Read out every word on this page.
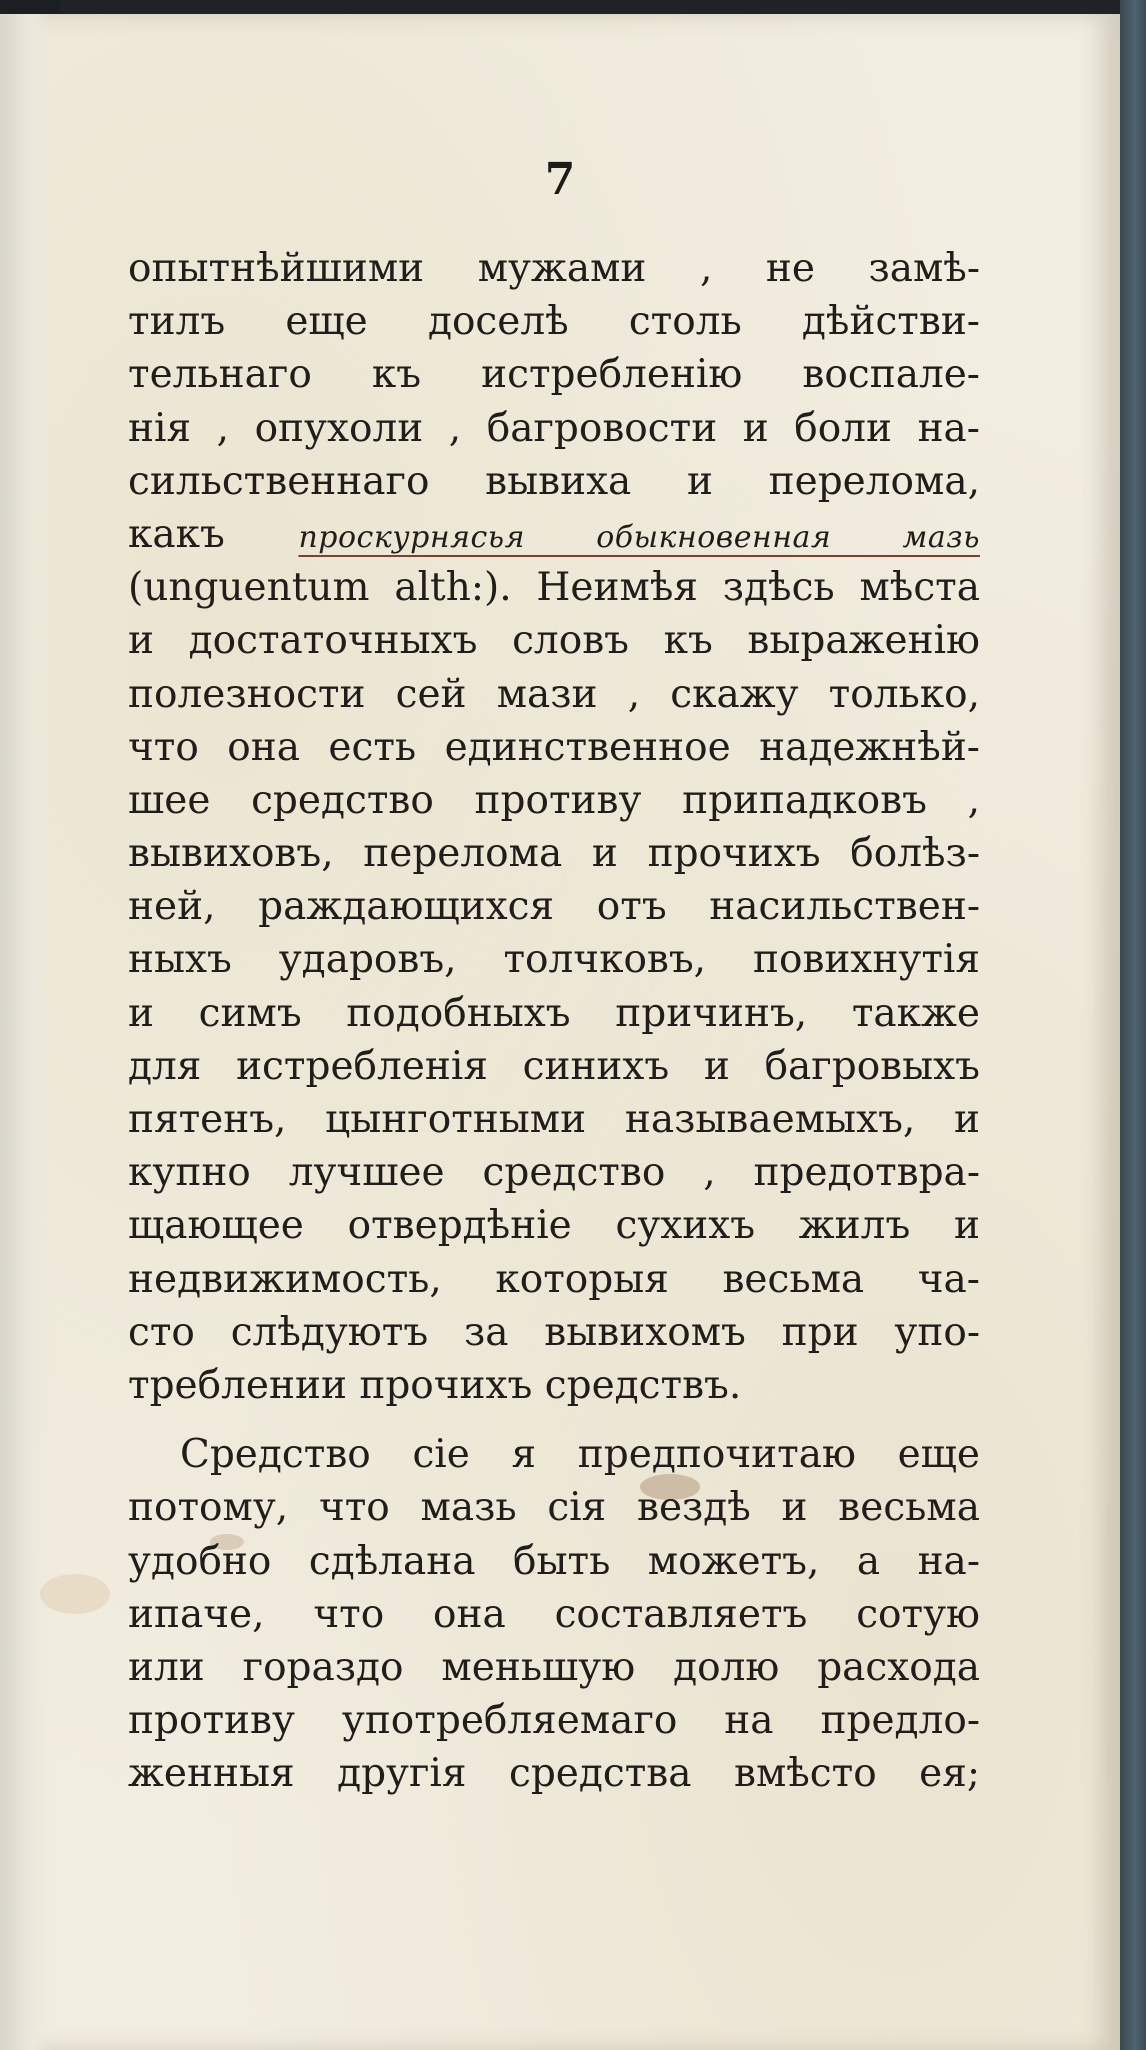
7
опытнѣйшими мужами , не замѣ-
тилъ еще доселѣ столь дѣйстви-
тельнаго къ истребленію воспале-
нія , опухоли , багровости и боли на-
сильственнаго вывиха и перелома,
какъ проскурнясья обыкновенная мазь
(unguentum alth:). Неимѣя здѣсь мѣста
и достаточныхъ словъ къ выраженію
полезности сей мази , скажу только,
что она есть единственное надежнѣй-
шее средство противу припадковъ ,
вывиховъ, перелома и прочихъ болѣз-
ней, раждающихся отъ насильствен-
ныхъ ударовъ, толчковъ, повихнутія
и симъ подобныхъ причинъ, также
для истребленія синихъ и багровыхъ
пятенъ, цынготными называемыхъ, и
купно лучшее средство , предотвра-
щающее отвердѣніе сухихъ жилъ и
недвижимость, которыя весьма ча-
сто слѣдуютъ за вывихомъ при упо-
треблении прочихъ средствъ.
Средство сіе я предпочитаю еще
потому, что мазь сія вездѣ и весьма
удобно сдѣлана быть можетъ, а на-
ипаче, что она составляетъ сотую
или гораздо меньшую долю расхода
противу употребляемаго на предло-
женныя другія средства вмѣсто ея;
